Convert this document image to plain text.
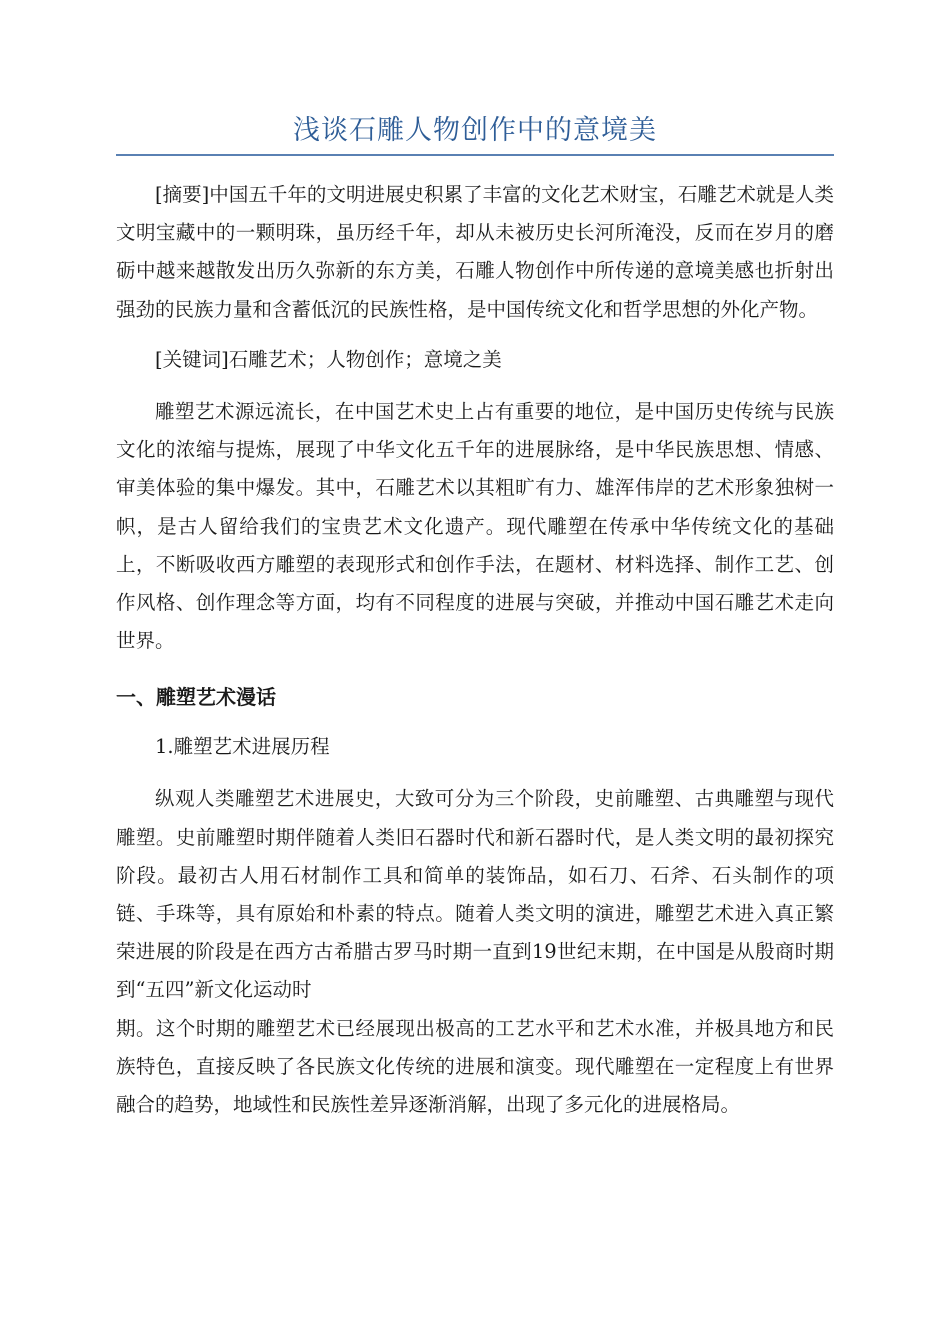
浅谈石雕人物创作中的意境美

[摘要]中国五千年的文明进展史积累了丰富的文化艺术财宝，石雕艺术就是人类文明宝藏中的一颗明珠，虽历经千年，却从未被历史长河所淹没，反而在岁月的磨砺中越来越散发出历久弥新的东方美，石雕人物创作中所传递的意境美感也折射出强劲的民族力量和含蓄低沉的民族性格，是中国传统文化和哲学思想的外化产物。

[关键词]石雕艺术；人物创作；意境之美

雕塑艺术源远流长，在中国艺术史上占有重要的地位，是中国历史传统与民族文化的浓缩与提炼，展现了中华文化五千年的进展脉络，是中华民族思想、情感、审美体验的集中爆发。其中，石雕艺术以其粗旷有力、雄浑伟岸的艺术形象独树一帜，是古人留给我们的宝贵艺术文化遗产。现代雕塑在传承中华传统文化的基础上，不断吸收西方雕塑的表现形式和创作手法，在题材、材料选择、制作工艺、创作风格、创作理念等方面，均有不同程度的进展与突破，并推动中国石雕艺术走向世界。

一、雕塑艺术漫话
1.雕塑艺术进展历程

纵观人类雕塑艺术进展史，大致可分为三个阶段，史前雕塑、古典雕塑与现代雕塑。史前雕塑时期伴随着人类旧石器时代和新石器时代，是人类文明的最初探究阶段。最初古人用石材制作工具和简单的装饰品，如石刀、石斧、石头制作的项链、手珠等，具有原始和朴素的特点。随着人类文明的演进，雕塑艺术进入真正繁荣进展的阶段是在西方古希腊古罗马时期一直到19世纪末期，在中国是从殷商时期到“五四”新文化运动时
期。这个时期的雕塑艺术已经展现出极高的工艺水平和艺术水准，并极具地方和民族特色，直接反映了各民族文化传统的进展和演变。现代雕塑在一定程度上有世界融合的趋势，地域性和民族性差异逐渐消解，出现了多元化的进展格局。
